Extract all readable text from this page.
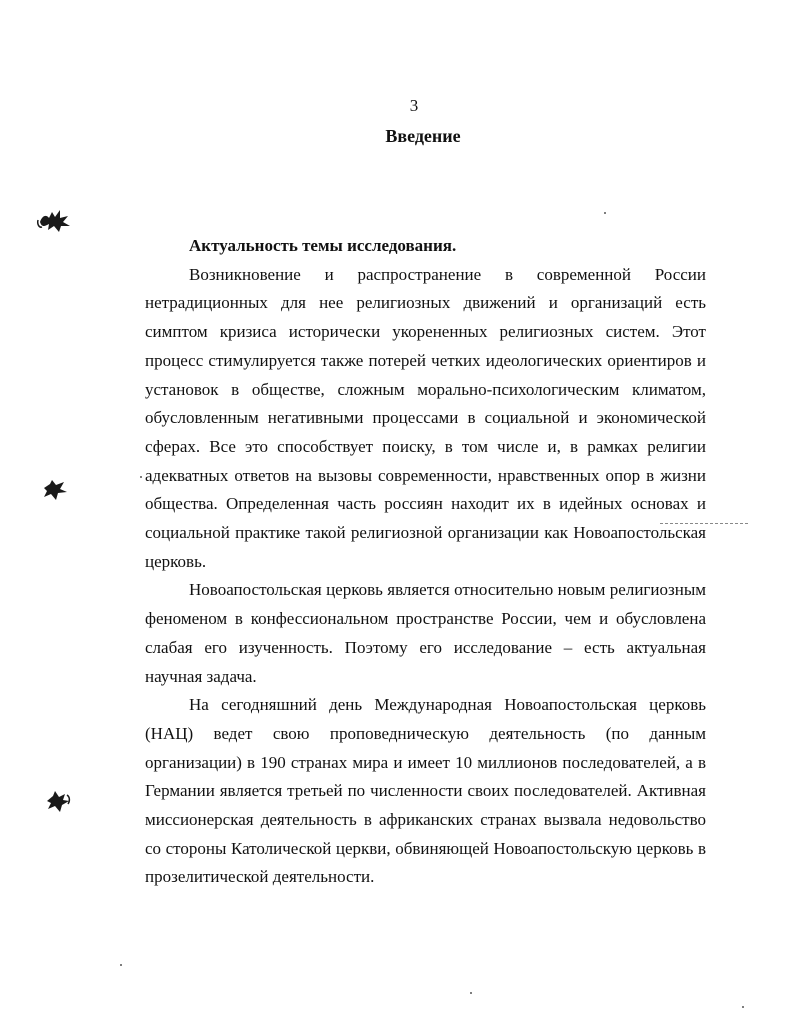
3
Введение

Актуальность темы исследования.

Возникновение и распространение в современной России нетрадиционных для нее религиозных движений и организаций есть симптом кризиса исторически укорененных религиозных систем. Этот процесс стимулируется также потерей четких идеологических ориентиров и установок в обществе, сложным морально-психологическим климатом, обусловленным негативными процессами в социальной и экономической сферах. Все это способствует поиску, в том числе и, в рамках религии адекватных ответов на вызовы современности, нравственных опор в жизни общества. Определенная часть россиян находит их в идейных основах и социальной практике такой религиозной организации как Новоапостольская церковь.

Новоапостольская церковь является относительно новым религиозным феноменом в конфессиональном пространстве России, чем и обусловлена слабая его изученность. Поэтому его исследование – есть актуальная научная задача.

На сегодняшний день Международная Новоапостольская церковь (НАЦ) ведет свою проповедническую деятельность (по данным организации) в 190 странах мира и имеет 10 миллионов последователей, а в Германии является третьей по численности своих последователей. Активная миссионерская деятельность в африканских странах вызвала недовольство со стороны Католической церкви, обвиняющей Новоапостольскую церковь в прозелитической деятельности.
